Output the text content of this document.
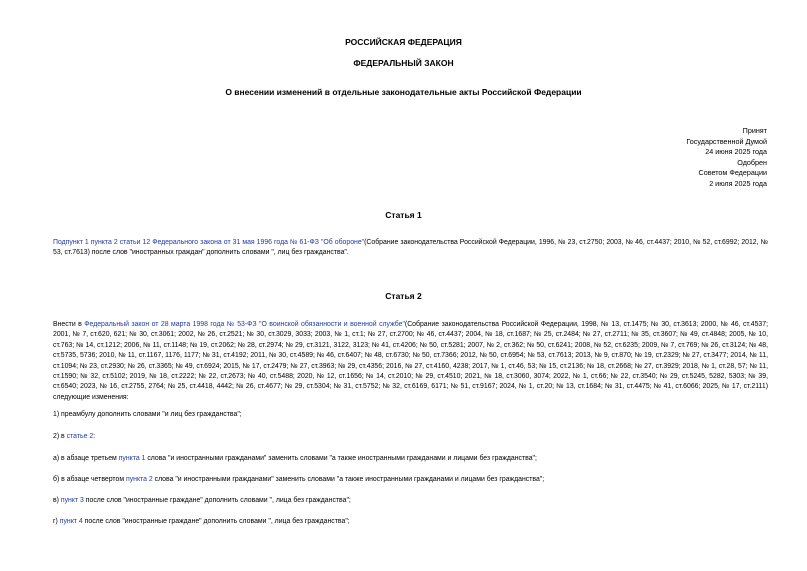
РОССИЙСКАЯ ФЕДЕРАЦИЯ
ФЕДЕРАЛЬНЫЙ ЗАКОН
О внесении изменений в отдельные законодательные акты Российской Федерации
Принят
Государственной Думой
24 июня 2025 года
Одобрен
Советом Федерации
2 июля 2025 года
Статья 1
Подпункт 1 пункта 2 статьи 12 Федерального закона от 31 мая 1996 года № 61-ФЗ "Об обороне"(Собрание законодательства Российской Федерации, 1996, № 23, ст.2750; 2003, № 46, ст.4437; 2010, № 52, ст.6992; 2012, № 53, ст.7613) после слов "иностранных граждан" дополнить словами ", лиц без гражданства".
Статья 2
Внести в Федеральный закон от 28 марта 1998 года № 53-ФЗ "О воинской обязанности и военной службе"(Собрание законодательства Российской Федерации, 1998, № 13, ст.1475; № 30, ст.3613; 2000, № 46, ст.4537; 2001, № 7, ст.620, 621; № 30, ст.3061; 2002, № 26, ст.2521; № 30, ст.3029, 3033; 2003, № 1, ст.1; № 27, ст.2700; № 46, ст.4437; 2004, № 18, ст.1687; № 25, ст.2484; № 27, ст.2711; № 35, ст.3607; № 49, ст.4848; 2005, № 10, ст.763; № 14, ст.1212; 2006, № 11, ст.1148; № 19, ст.2062; № 28, ст.2974; № 29, ст.3121, 3122, 3123; № 41, ст.4206; № 50, ст.5281; 2007, № 2, ст.362; № 50, ст.6241; 2008, № 52, ст.6235; 2009, № 7, ст.769; № 26, ст.3124; № 48, ст.5735, 5736; 2010, № 11, ст.1167, 1176, 1177; № 31, ст.4192; 2011, № 30, ст.4589; № 46, ст.6407; № 48, ст.6730; № 50, ст.7366; 2012, № 50, ст.6954; № 53, ст.7613; 2013, № 9, ст.870; № 19, ст.2329; № 27, ст.3477; 2014, № 11, ст.1094; № 23, ст.2930; № 26, ст.3365; № 49, ст.6924; 2015, № 17, ст.2479; № 27, ст.3963; № 29, ст.4356; 2016, № 27, ст.4160, 4238; 2017, № 1, ст.46, 53; № 15, ст.2136; № 18, ст.2668; № 27, ст.3929; 2018, № 1, ст.28, 57; № 11, ст.1590; № 32, ст.5102; 2019, № 18, ст.2222; № 22, ст.2673; № 40, ст.5488; 2020, № 12, ст.1656; № 14, ст.2010; № 29, ст.4510; 2021, № 18, ст.3060, 3074; 2022, № 1, ст.66; № 22, ст.3540; № 29, ст.5245, 5282, 5303; № 39, ст.6540; 2023, № 16, ст.2755, 2764; № 25, ст.4418, 4442; № 26, ст.4677; № 29, ст.5304; № 31, ст.5752; № 32, ст.6169, 6171; № 51, ст.9167; 2024, № 1, ст.20; № 13, ст.1684; № 31, ст.4475; № 41, ст.6066; 2025, № 17, ст.2111) следующие изменения:
1) преамбулу дополнить словами "и лиц без гражданства";
2) в статье 2:
а) в абзаце третьем пункта 1 слова "и иностранными гражданами" заменить словами "а также иностранными гражданами и лицами без гражданства";
б) в абзаце четвертом пункта 2 слова "и иностранными гражданами" заменить словами "а также иностранными гражданами и лицами без гражданства";
в) пункт 3 после слов "иностранные граждане" дополнить словами ", лица без гражданства";
г) пункт 4 после слов "иностранные граждане" дополнить словами ", лица без гражданства";
